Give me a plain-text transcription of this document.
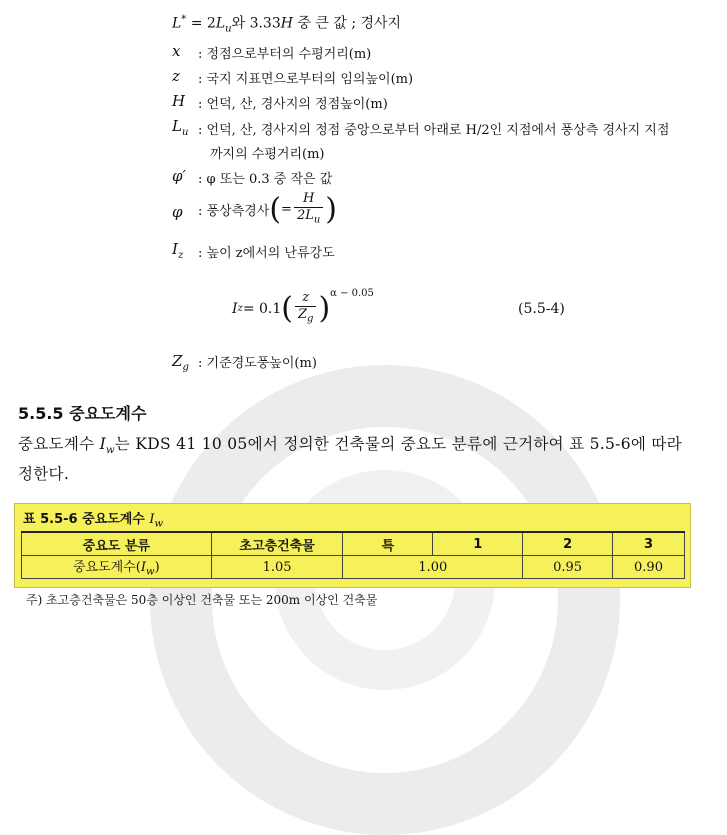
$L^* = 2L_u$와 3.33H 중 큰 값 ; 경사지
x : 정점으로부터의 수평거리(m)
z : 국지 지표면으로부터의 임의높이(m)
H : 언덕, 산, 경사지의 정점높이(m)
$L_u$ : 언덕, 산, 경사지의 정점 중앙으로부터 아래로 H/2인 지점에서 풍상측 경사지 지점
까지의 수평거리(m)
φ′ : φ 또는 0.3 중 작은 값
φ : 풍상측경사 ( = $\frac{H}{2L_u}$ )
$I_z$ : 높이 z에서의 난류강도
I z = 0.1 ( $\frac{z}{Z_g}$ ) α − 0.05
(5.5-4)
$Z_g$ : 기준경도풍높이(m)
5.5.5 중요도계수
중요도계수 $I_w$는 KDS 41 10 05에서 정의한 건축물의 중요도 분류에 근거하여 표 5.5-6에 따라
정한다.
표 5.5-6 중요도계수 $I_w$
중요도 분류	초고층건축물	특	1	2	3
중요도계수$(I_w)$	1.05	1.00		0.95	0.90
주) 초고층건축물은 50층 이상인 건축물 또는 200m 이상인 건축물
